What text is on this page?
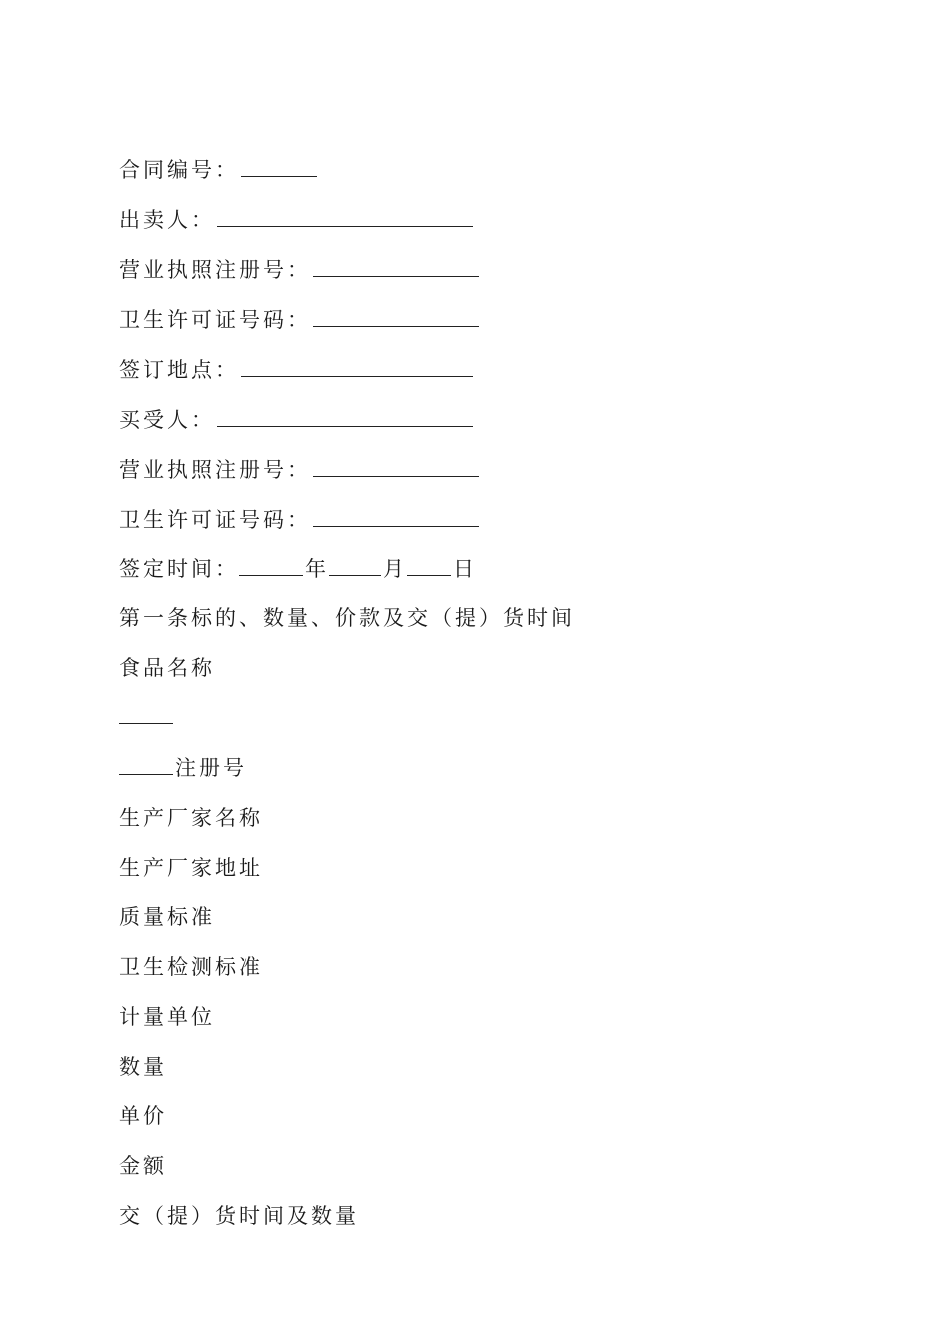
合同编号：
出卖人：
营业执照注册号：
卫生许可证号码：
签订地点：
买受人：
营业执照注册号：
卫生许可证号码：
签定时间：	年	月 日
第一条标的、数量、价款及交（提）货时间
食品名称
注册号
生产厂家名称
生产厂家地址
质量标准
卫生检测标准
计量单位
数量
单价
金额
交（提）货时间及数量
